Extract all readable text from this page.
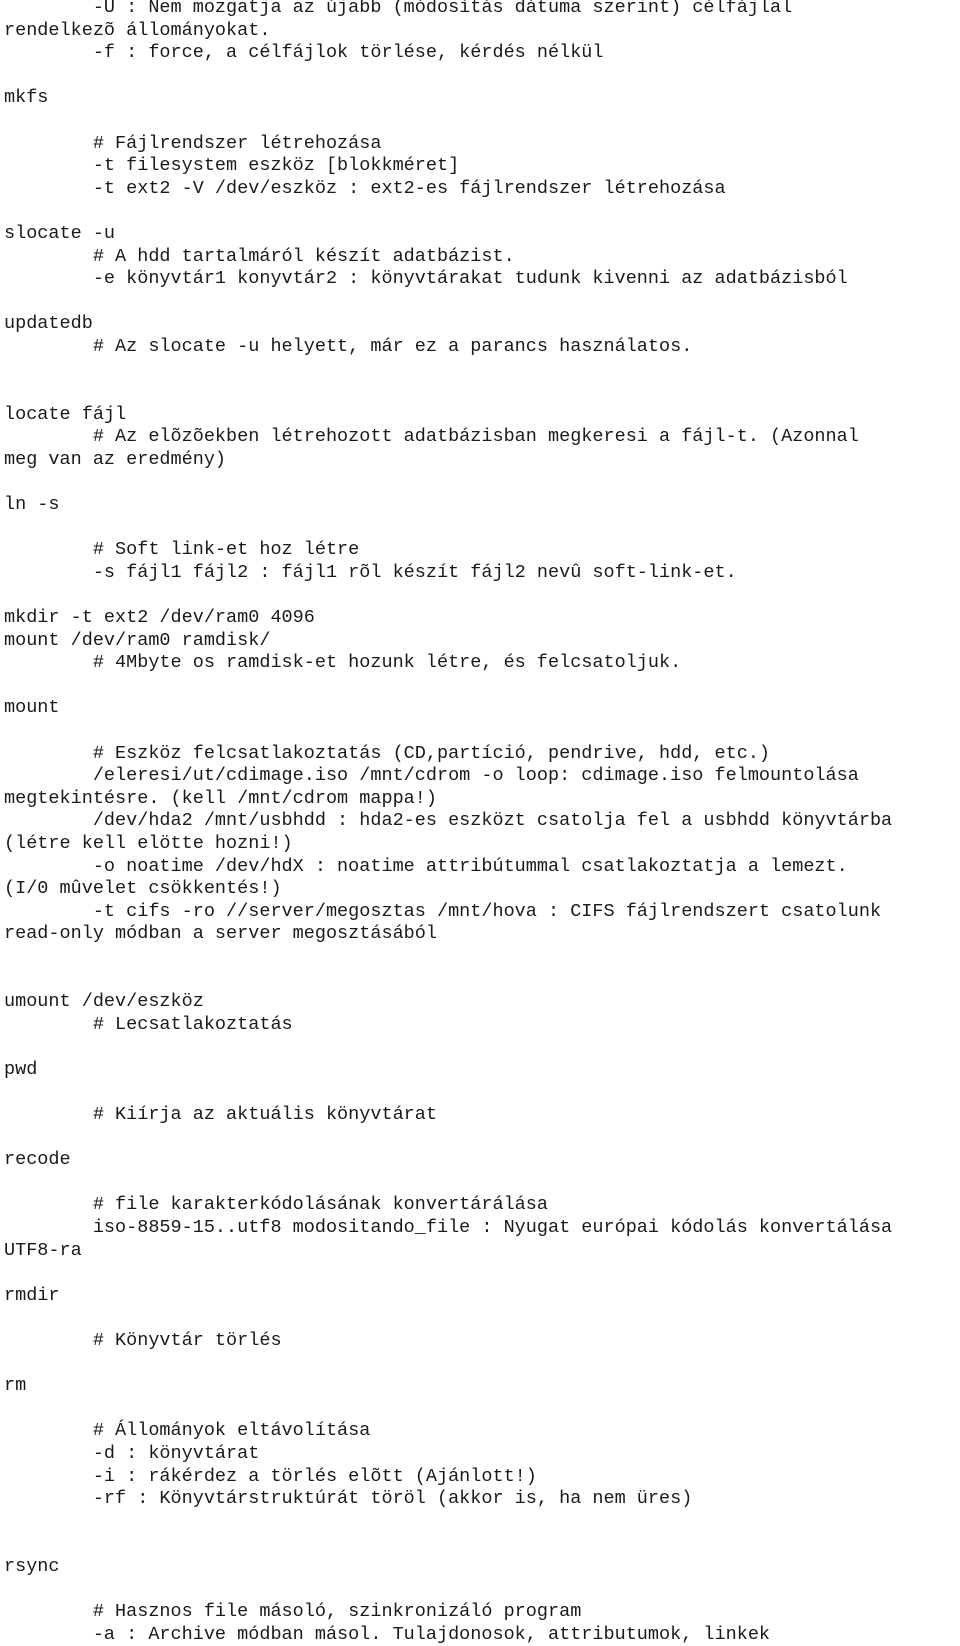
-U : Nem mozgatja az újabb (módosítás dátuma szerint) célfájlal
rendelkezõ állományokat.
-f : force, a célfájlok törlése, kérdés nélkül

mkfs

# Fájlrendszer létrehozása
-t filesystem eszköz [blokkméret]
-t ext2 -V /dev/eszköz : ext2-es fájlrendszer létrehozása

slocate -u
# A hdd tartalmáról készít adatbázist.
-e könyvtár1 konyvtár2 : könyvtárakat tudunk kivenni az adatbázisból

updatedb
# Az slocate -u helyett, már ez a parancs használatos.

locate fájl
# Az elõzõekben létrehozott adatbázisban megkeresi a fájl-t. (Azonnal
meg van az eredmény)

ln -s

# Soft link-et hoz létre
-s fájl1 fájl2 : fájl1 rõl készít fájl2 nevû soft-link-et.

mkdir -t ext2 /dev/ram0 4096
mount /dev/ram0 ramdisk/
# 4Mbyte os ramdisk-et hozunk létre, és felcsatoljuk.

mount

# Eszköz felcsatlakoztatás (CD,partíció, pendrive, hdd, etc.)
/eleresi/ut/cdimage.iso /mnt/cdrom -o loop: cdimage.iso felmountolása
megtekintésre. (kell /mnt/cdrom mappa!)
/dev/hda2 /mnt/usbhdd : hda2-es eszközt csatolja fel a usbhdd könyvtárba
(létre kell elötte hozni!)
-o noatime /dev/hdX : noatime attribútummal csatlakoztatja a lemezt.
(I/0 mûvelet csökkentés!)
-t cifs -ro //server/megosztas /mnt/hova : CIFS fájlrendszert csatolunk
read-only módban a server megosztásából

umount /dev/eszköz
# Lecsatlakoztatás

pwd

# Kiírja az aktuális könyvtárat

recode

# file karakterkódolásának konvertárálása
iso-8859-15..utf8 modositando_file : Nyugat európai kódolás konvertálása
UTF8-ra

rmdir

# Könyvtár törlés

rm

# Állományok eltávolítása
-d : könyvtárat
-i : rákérdez a törlés elõtt (Ajánlott!)
-rf : Könyvtárstruktúrát töröl (akkor is, ha nem üres)

rsync

# Hasznos file másoló, szinkronizáló program
-a : Archive módban másol. Tulajdonosok, attributumok, linkek
